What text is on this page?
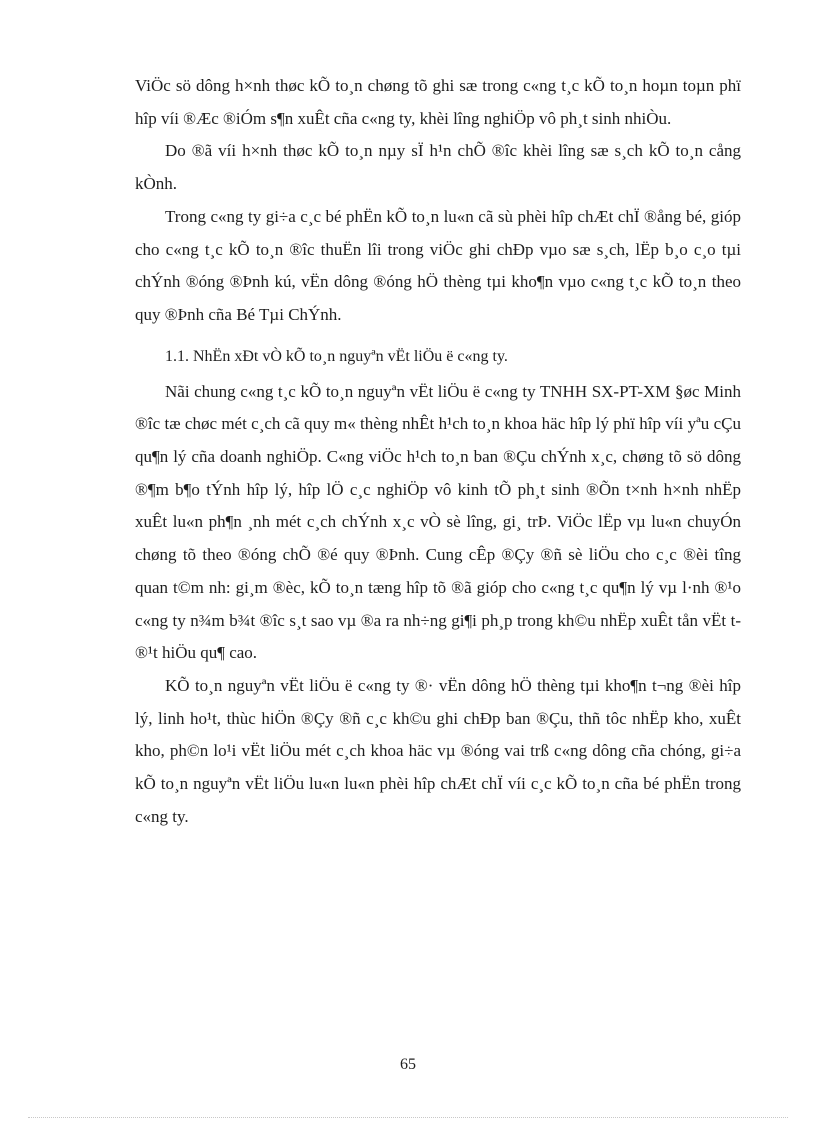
ViÖc sö dông h×nh thøc kÕ to¸n chøng tõ ghi sæ trong c«ng t¸c kÕ to¸n hoµn toµn phï hîp víi ®Æc ®iÓm s¶n xuÊt cña c«ng ty, khèi lîng nghiÖp vô ph¸t sinh nhiÒu.

Do ®ã víi h×nh thøc kÕ to¸n nµy sÏ h¹n chÕ ®îc khèi lîng sæ s¸ch kÕ to¸n cång kÒnh.

Trong c«ng ty gi÷a c¸c bé phËn kÕ to¸n lu«n cã sù phèi hîp chÆt chÏ ®ång bé, gióp cho c«ng t¸c kÕ to¸n ®îc thuËn lîi trong viÖc ghi chÐp vµo sæ s¸ch, lËp b¸o c¸o tµi chÝnh ®óng ®Þnh kú, vËn dông ®óng hÖ thèng tµi kho¶n vµo c«ng t¸c kÕ to¸n theo quy ®Þnh cña Bé Tµi ChÝnh.

1.1. NhËn xÐt vÒ kÕ to¸n nguyªn vËt liÖu ë c«ng ty.

Nãi chung c«ng t¸c kÕ to¸n nguyªn vËt liÖu ë c«ng ty TNHH SX-PT-XM §øc Minh ®îc tæ chøc mét c¸ch cã quy m« thèng nhÊt h¹ch to¸n khoa häc hîp lý phï hîp víi yªu cÇu qu¶n lý cña doanh nghiÖp. C«ng viÖc h¹ch to¸n ban ®Çu chÝnh x¸c, chøng tõ sö dông ®¶m b¶o tÝnh hîp lý, hîp lÖ c¸c nghiÖp vô kinh tÕ ph¸t sinh ®Õn t×nh h×nh nhËp xuÊt lu«n ph¶n ¸nh mét c¸ch chÝnh x¸c vÒ sè lîng, gi¸ trÞ. ViÖc lËp vµ lu«n chuyÓn chøng tõ theo ®óng chÕ ®é quy ®Þnh. Cung cÊp ®Çy ®ñ sè liÖu cho c¸c ®èi tîng quan t©m nh: gi¸m ®èc, kÕ to¸n tæng hîp tõ ®ã gióp cho c«ng t¸c qu¶n lý vµ l·nh ®¹o c«ng ty n¾m b¾t ®îc s¸t sao vµ ®a ra nh÷ng gi¶i ph¸p trong kh©u nhËp xuÊt tån vËt t ®¹t hiÖu qu¶ cao.

KÕ to¸n nguyªn vËt liÖu ë c«ng ty ®· vËn dông hÖ thèng tµi kho¶n t¬ng ®èi hîp lý, linh ho¹t, thùc hiÖn ®Çy ®ñ c¸c kh©u ghi chÐp ban ®Çu, thñ tôc nhËp kho, xuÊt kho, ph©n lo¹i vËt liÖu mét c¸ch khoa häc vµ ®óng vai trß c«ng dông cña chóng, gi÷a kÕ to¸n nguyªn vËt liÖu lu«n lu«n phèi hîp chÆt chÏ víi c¸c kÕ to¸n cña bé phËn trong c«ng ty.

65
